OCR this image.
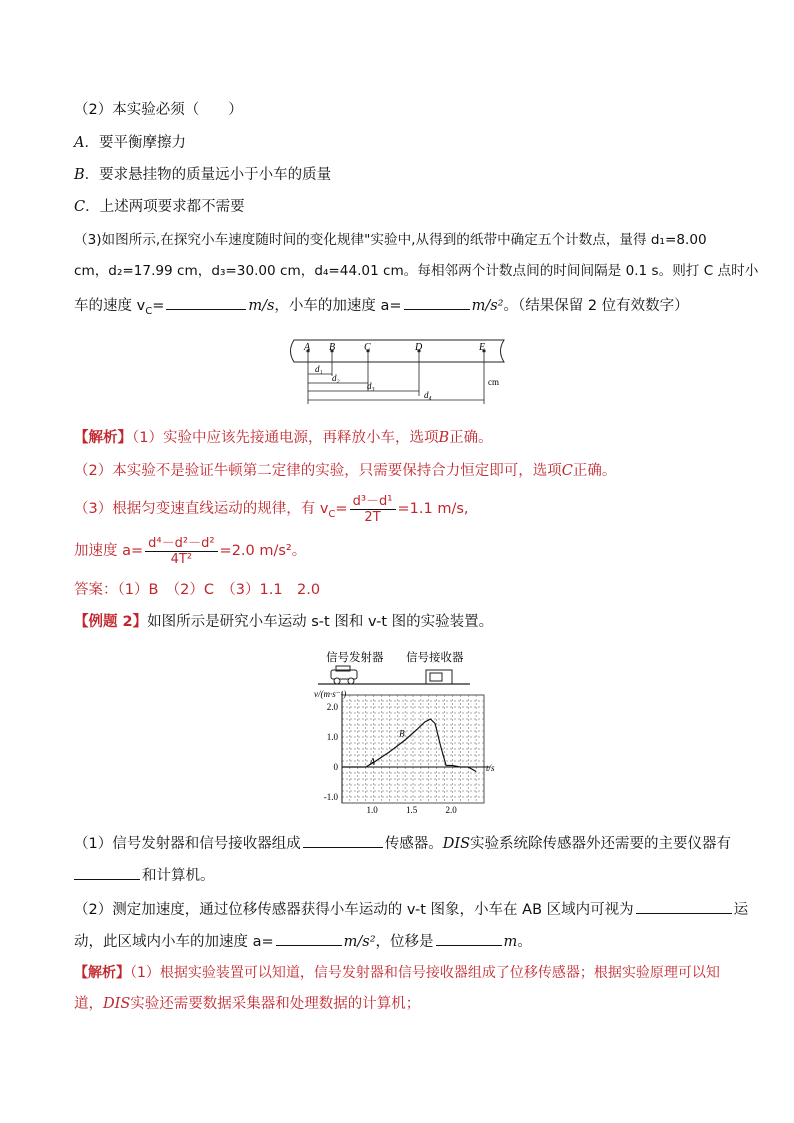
（2）本实验必须（　　）
A．要平衡摩擦力
B．要求悬挂物的质量远小于小车的质量
C．上述两项要求都不需要
（3)如图所示,在探究小车速度随时间的变化规律"实验中,从得到的纸带中确定五个计数点，量得 d₁=8.00
cm，d₂=17.99 cm，d₃=30.00 cm，d₄=44.01 cm。每相邻两个计数点间的时间间隔是 0.1 s。则打 C 点时小
车的速度 $v_C=$	m/s，小车的加速度 a=	m/s²。（结果保留 2 位有效数字）
A B	C	D	E
d₁
d₂
d₃
d₄
cm
【解析】（1）实验中应该先接通电源，再释放小车，选项B正确。
（2）本实验不是验证牛顿第二定律的实验，只需要保持合力恒定即可，选项C正确。
（3）根据匀变速直线运动的规律，有 $v_C= \frac{\text{d³－d¹}}{2T} =1.1$ m/s,
加速度 $a= \frac{\text{d⁴－d²－d²}}{\text{4T²}} =2.0$ m/s²。
答案：（1）B　（2）C　（3）1.1　2.0
【例题 2】如图所示是研究小车运动 s-t 图和 v-t 图的实验装置。
信号发射器 信号接收器
v/(m·s⁻¹)
t/s
A
B
1.0	1.5	2.0
2.0
1.0
0
-1.0
（1）信号发射器和信号接收器组成	传感器。DIS实验系统除传感器外还需要的主要仪器有
和计算机。
（2）测定加速度，通过位移传感器获得小车运动的 v-t 图象，小车在 AB 区域内可视为	运
动，此区域内小车的加速度 a=	m/s²，位移是	m。
【解析】（1）根据实验装置可以知道，信号发射器和信号接收器组成了位移传感器；根据实验原理可以知
道，DIS实验还需要数据采集器和处理数据的计算机；
